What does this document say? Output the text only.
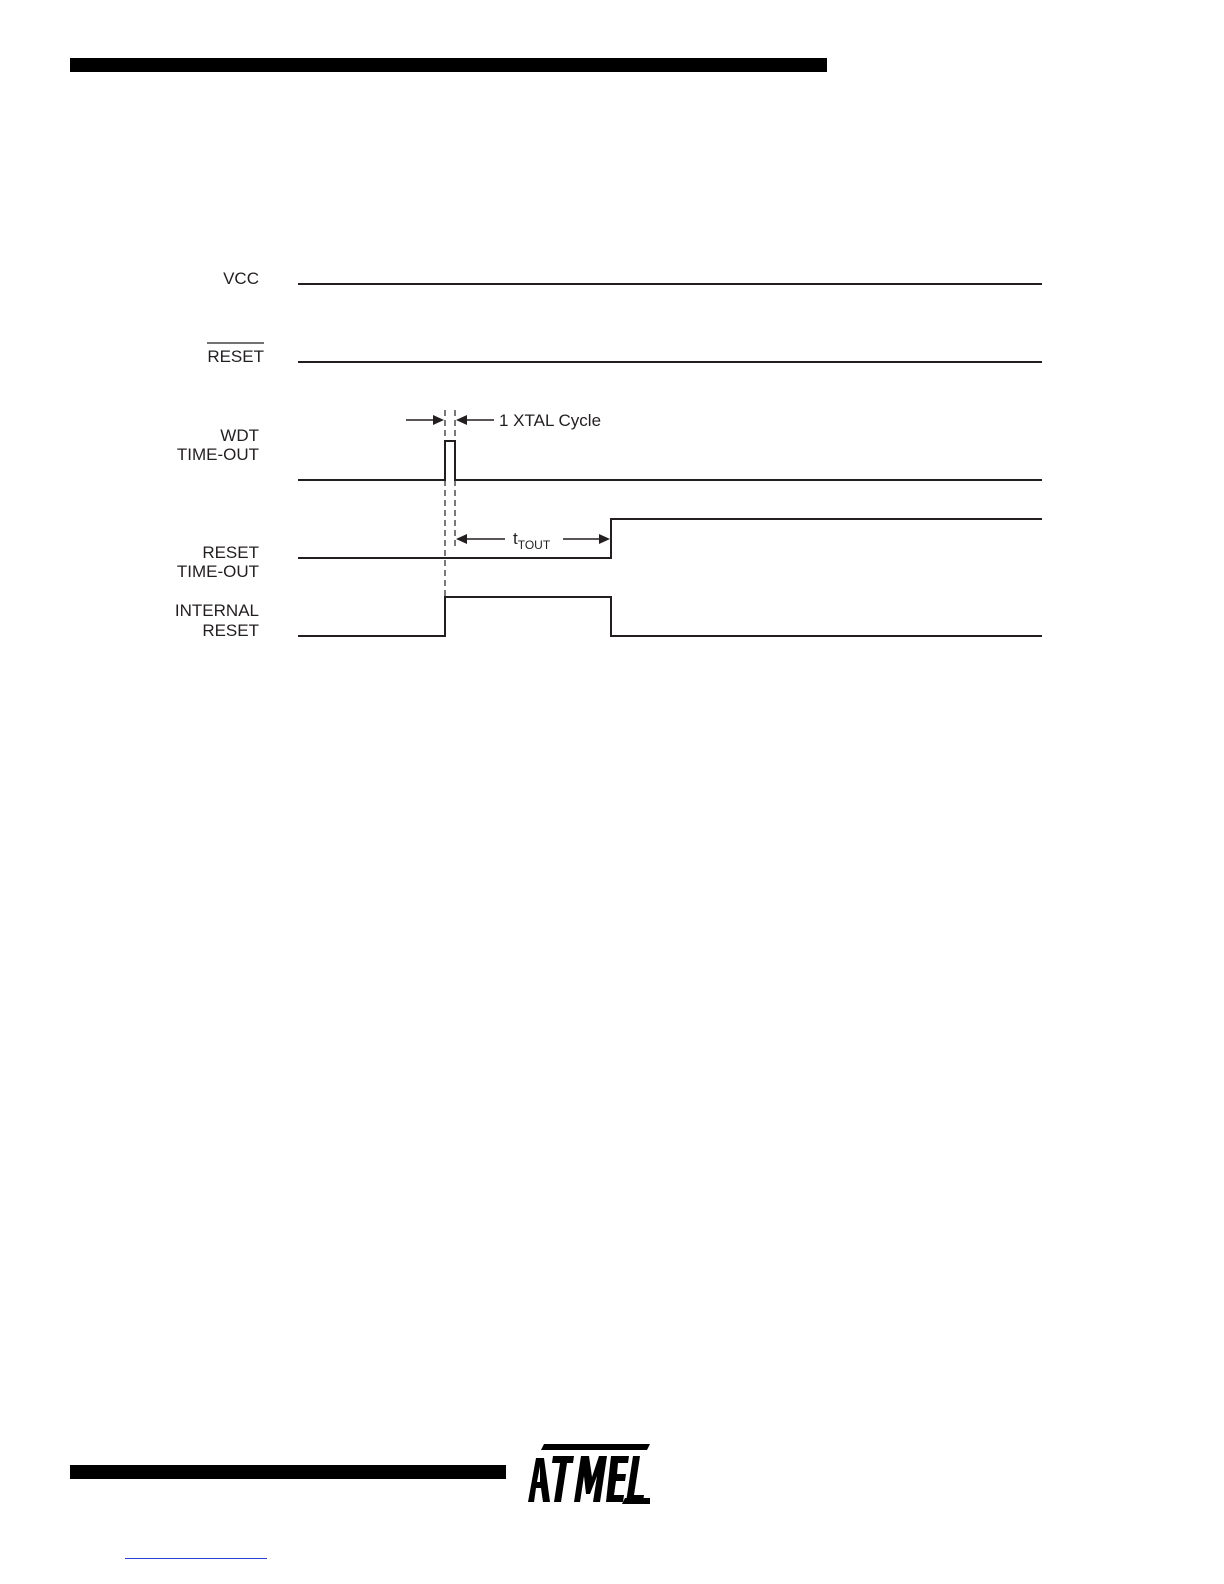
VCC
RESET
WDT
TIME-OUT
RESET
TIME-OUT
INTERNAL
RESET
1 XTAL Cycle
$t_{TOUT}$
